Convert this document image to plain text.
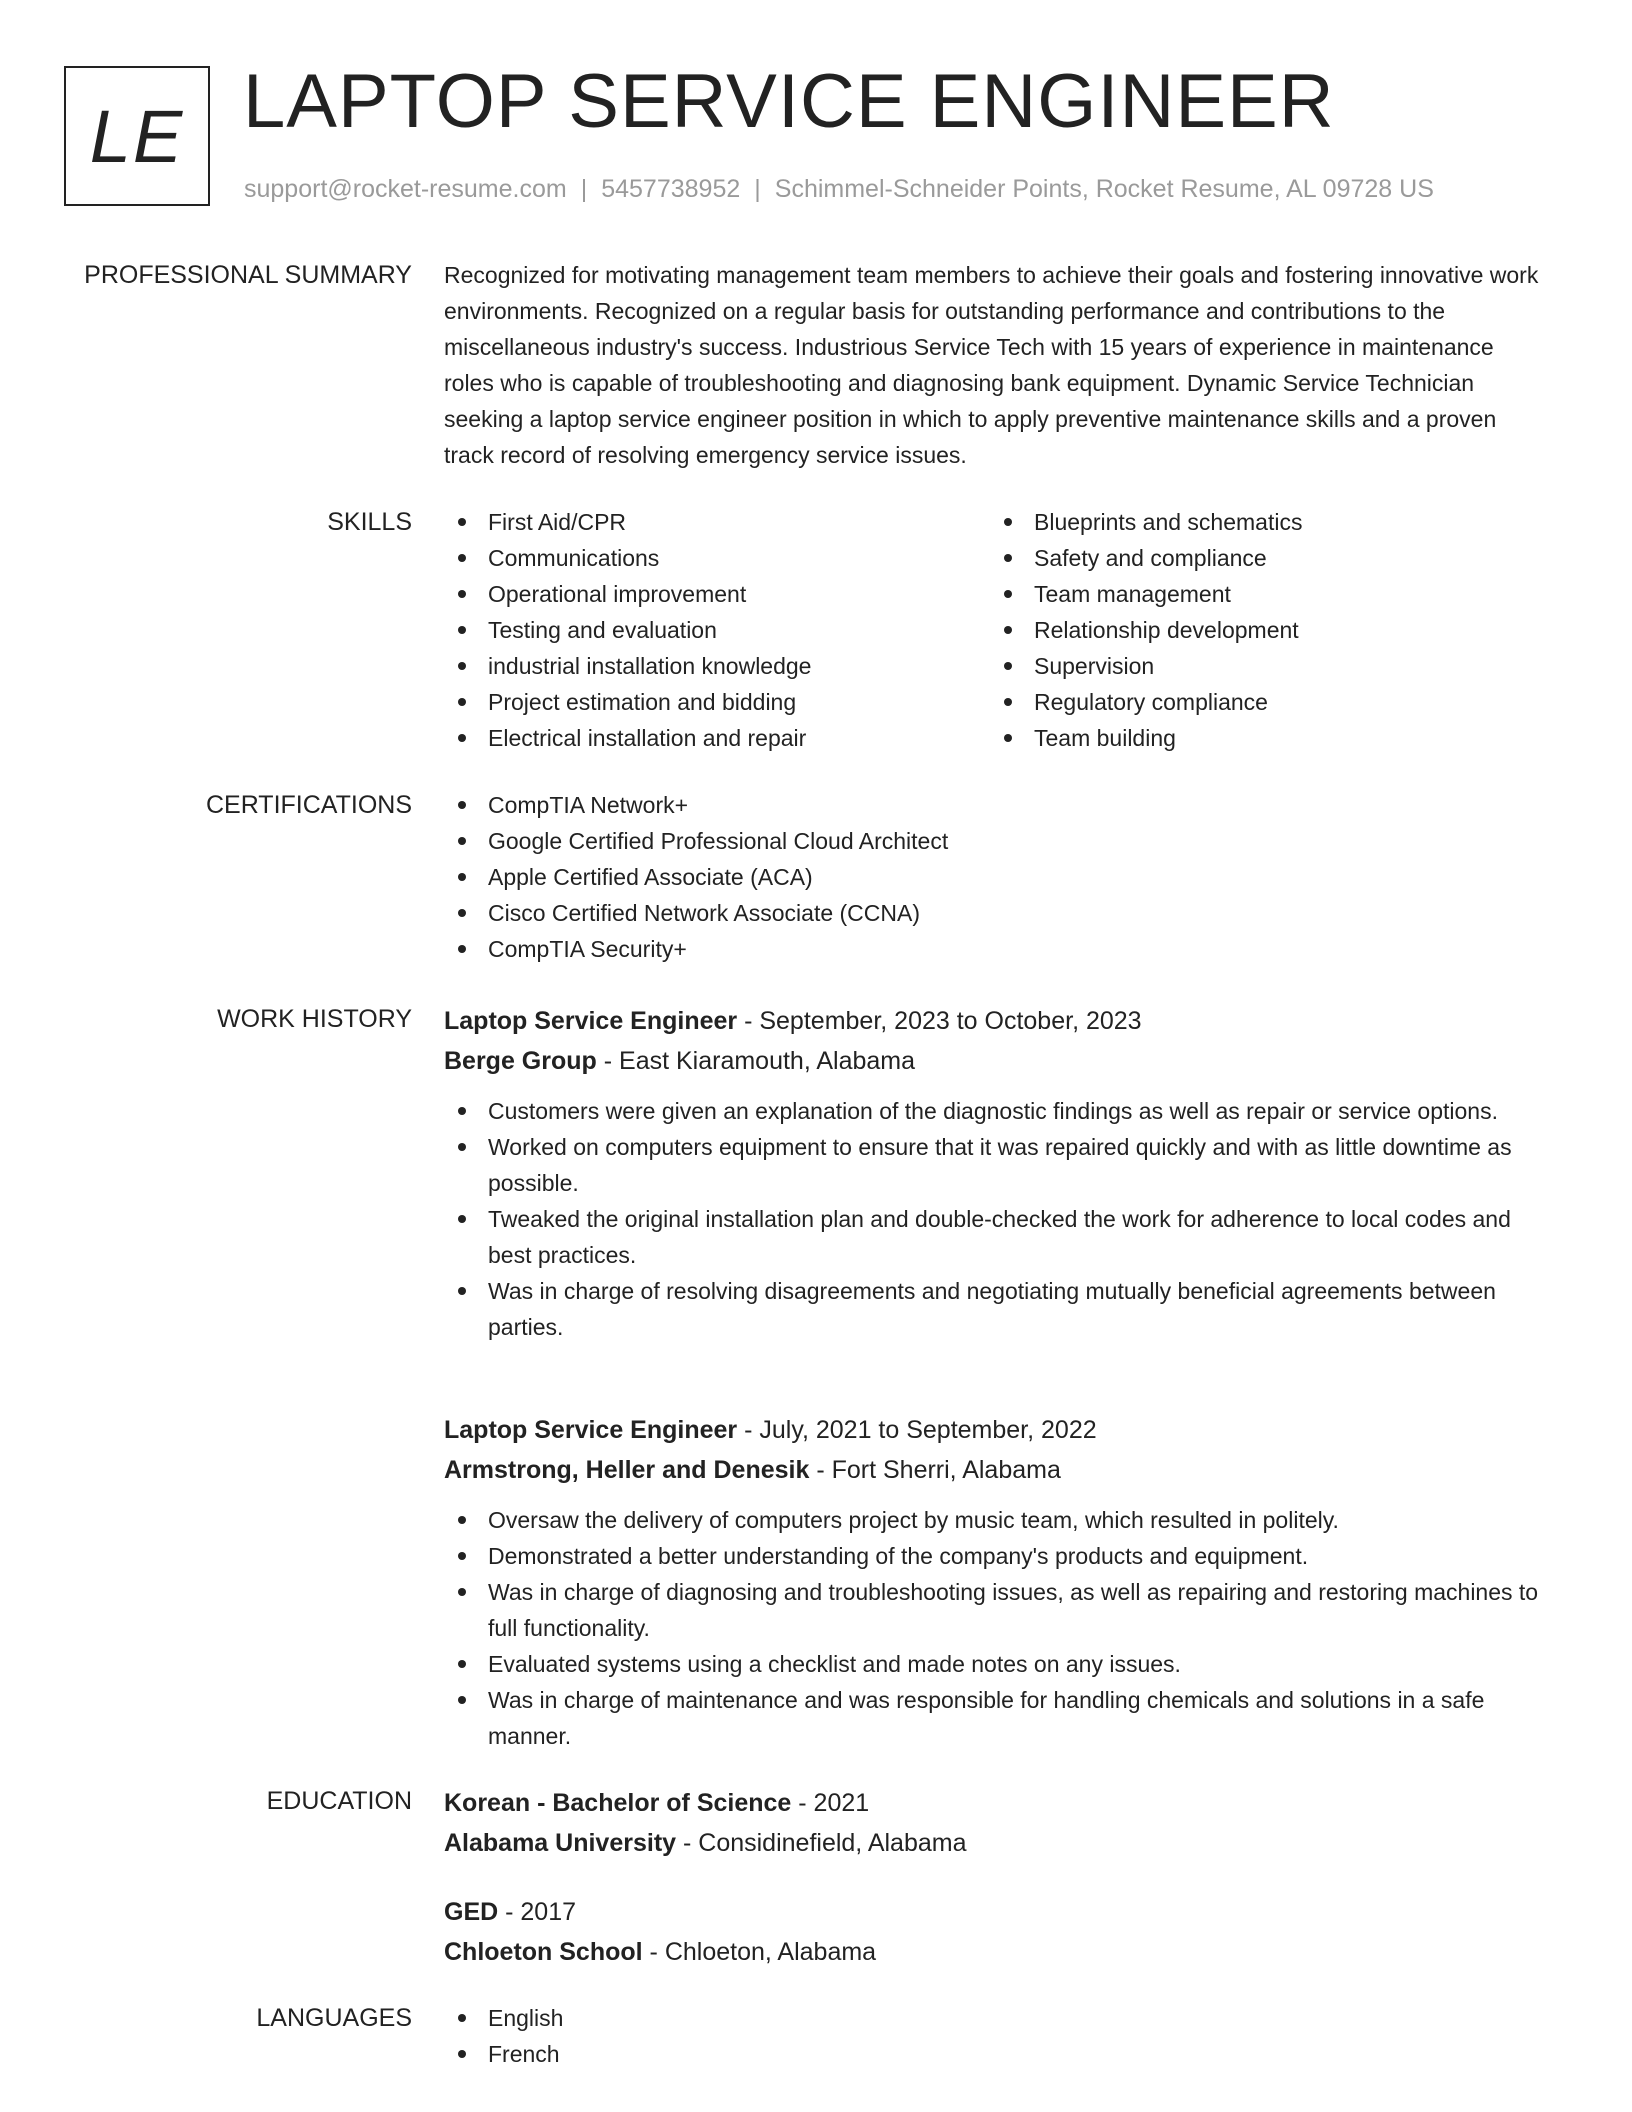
LE LAPTOP SERVICE ENGINEER
support@rocket-resume.com | 5457738952 | Schimmel-Schneider Points, Rocket Resume, AL 09728 US
PROFESSIONAL SUMMARY Recognized for motivating management team members to achieve their goals and fostering innovative work environments. Recognized on a regular basis for outstanding performance and contributions to the miscellaneous industry's success. Industrious Service Tech with 15 years of experience in maintenance roles who is capable of troubleshooting and diagnosing bank equipment. Dynamic Service Technician seeking a laptop service engineer position in which to apply preventive maintenance skills and a proven track record of resolving emergency service issues.
SKILLS	First Aid/CPR
Communications
Operational improvement
Testing and evaluation
industrial installation knowledge
Project estimation and bidding
Electrical installation and repair
Blueprints and schematics
Safety and compliance
Team management
Relationship development
Supervision
Regulatory compliance
Team building
CERTIFICATIONS	CompTIA Network+
Google Certified Professional Cloud Architect
Apple Certified Associate (ACA)
Cisco Certified Network Associate (CCNA)
CompTIA Security+
WORK HISTORY Laptop Service Engineer - September, 2023 to October, 2023
Berge Group - East Kiaramouth, Alabama
Customers were given an explanation of the diagnostic findings as well as repair or service options.
Worked on computers equipment to ensure that it was repaired quickly and with as little downtime as possible.
Tweaked the original installation plan and double-checked the work for adherence to local codes and best practices.
Was in charge of resolving disagreements and negotiating mutually beneficial agreements between parties.
Laptop Service Engineer - July, 2021 to September, 2022
Armstrong, Heller and Denesik - Fort Sherri, Alabama
Oversaw the delivery of computers project by music team, which resulted in politely.
Demonstrated a better understanding of the company's products and equipment.
Was in charge of diagnosing and troubleshooting issues, as well as repairing and restoring machines to full functionality.
Evaluated systems using a checklist and made notes on any issues.
Was in charge of maintenance and was responsible for handling chemicals and solutions in a safe manner.
EDUCATION Korean - Bachelor of Science - 2021
Alabama University - Considinefield, Alabama
GED - 2017
Chloeton School - Chloeton, Alabama
LANGUAGES	English
French
